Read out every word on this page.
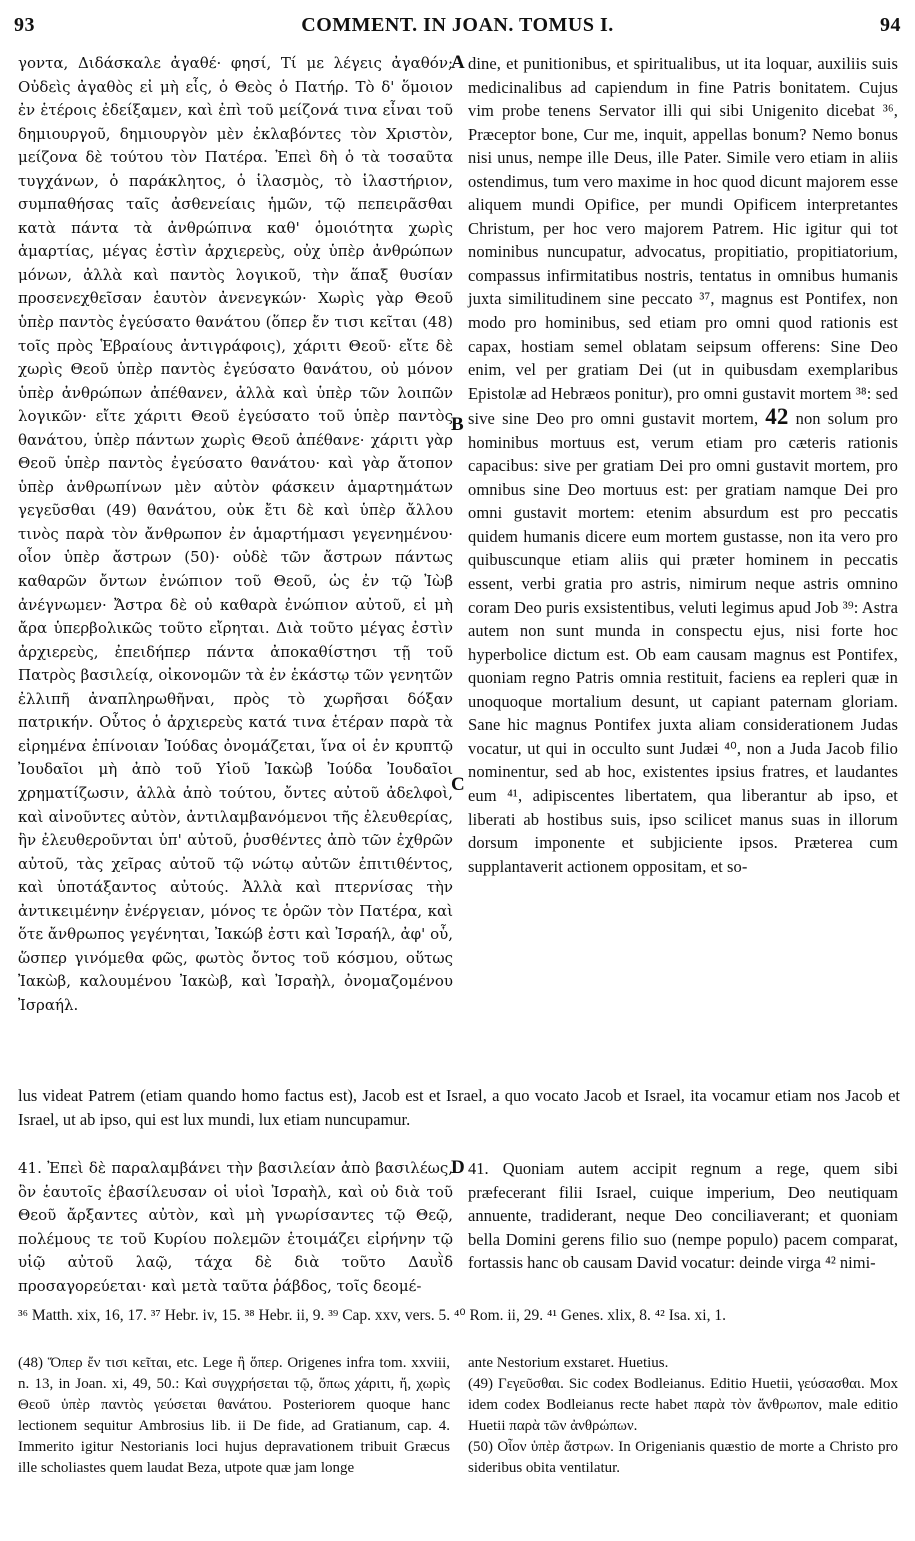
93	COMMENT. IN JOAN. TOMUS I.	94

γοντα, Διδάσκαλε ἀγαθέ· φησί, Τί με λέγεις ἀγαθόν; Οὐδεὶς ἀγαθὸς εἰ μὴ εἷς, ὁ Θεὸς ὁ Πατήρ. Τὸ δ' ὅμοιον ἐν ἑτέροις ἐδείξαμεν, καὶ ἐπὶ τοῦ μείζονά τινα εἶναι τοῦ δημιουργοῦ, δημιουργὸν μὲν ἐκλαβόντες τὸν Χριστὸν, μείζονα δὲ τούτου τὸν Πατέρα. Ἐπεὶ δὴ ὁ τὰ τοσαῦτα τυγχάνων, ὁ παράκλητος, ὁ ἱλασμὸς, τὸ ἱλαστήριον, συμπαθήσας ταῖς ἀσθενείαις ἡμῶν, τῷ πεπειρᾶσθαι κατὰ πάντα τὰ ἀνθρώπινα καθ' ὁμοιότητα χωρὶς ἁμαρτίας, μέγας ἐστὶν ἀρχιερεὺς, οὐχ ὑπὲρ ἀνθρώπων μόνων, ἀλλὰ καὶ παντὸς λογικοῦ, τὴν ἅπαξ θυσίαν προσενεχθεῖσαν ἑαυτὸν ἀνενεγκών· Χωρὶς γὰρ Θεοῦ ὑπὲρ παντὸς ἐγεύσατο θανάτου (ὅπερ ἔν τισι κεῖται (48) τοῖς πρὸς Ἑβραίους ἀντιγράφοις), χάριτι Θεοῦ· εἴτε δὲ χωρὶς Θεοῦ ὑπὲρ παντὸς ἐγεύσατο θανάτου, οὐ μόνον ὑπὲρ ἀνθρώπων ἀπέθανεν, ἀλλὰ καὶ ὑπὲρ τῶν λοιπῶν λογικῶν· εἴτε χάριτι Θεοῦ ἐγεύσατο τοῦ ὑπὲρ παντὸς θανάτου, ὑπὲρ πάντων χωρὶς Θεοῦ ἀπέθανε· χάριτι γὰρ Θεοῦ ὑπὲρ παντὸς ἐγεύσατο θανάτου· καὶ γὰρ ἄτοπον ὑπὲρ ἀνθρωπίνων μὲν αὐτὸν φάσκειν ἁμαρτημάτων γεγεῦσθαι (49) θανάτου, οὐκ ἔτι δὲ καὶ ὑπὲρ ἄλλου τινὸς παρὰ τὸν ἄνθρωπον ἐν ἁμαρτήμασι γεγενημένου· οἷον ὑπὲρ ἄστρων (50)· οὐδὲ τῶν ἄστρων πάντως καθαρῶν ὄντων ἐνώπιον τοῦ Θεοῦ, ὡς ἐν τῷ Ἰὼβ ἀνέγνωμεν· Ἄστρα δὲ οὐ καθαρὰ ἐνώπιον αὐτοῦ, εἰ μὴ ἄρα ὑπερβολικῶς τοῦτο εἴρηται. Διὰ τοῦτο μέγας ἐστὶν ἀρχιερεὺς, ἐπειδήπερ πάντα ἀποκαθίστησι τῇ τοῦ Πατρὸς βασιλείᾳ, οἰκονομῶν τὰ ἐν ἑκάστῳ τῶν γενητῶν ἐλλιπῆ ἀναπληρωθῆναι, πρὸς τὸ χωρῆσαι δόξαν πατρικήν. Οὗτος ὁ ἀρχιερεὺς κατά τινα ἑτέραν παρὰ τὰ εἰρημένα ἐπίνοιαν Ἰούδας ὀνομάζεται, ἵνα οἱ ἐν κρυπτῷ Ἰουδαῖοι μὴ ἀπὸ τοῦ Υἱοῦ Ἰακὼβ Ἰούδα Ἰουδαῖοι χρηματίζωσιν, ἀλλὰ ἀπὸ τούτου, ὄντες αὐτοῦ ἀδελφοὶ, καὶ αἰνοῦντες αὐτὸν, ἀντιλαμβανόμενοι τῆς ἐλευθερίας, ἣν ἐλευθεροῦνται ὑπ' αὐτοῦ, ῥυσθέντες ἀπὸ τῶν ἐχθρῶν αὐτοῦ, τὰς χεῖρας αὐτοῦ τῷ νώτῳ αὐτῶν ἐπιτιθέντος, καὶ ὑποτάξαντος αὐτούς. Ἀλλὰ καὶ πτερνίσας τὴν ἀντικειμένην ἐνέργειαν, μόνος τε ὁρῶν τὸν Πατέρα, καὶ ὅτε ἄνθρωπος γεγένηται, Ἰακώβ ἐστι καὶ Ἰσραήλ, ἀφ' οὗ, ὥσπερ γινόμεθα φῶς, φωτὸς ὄντος τοῦ κόσμου, οὕτως Ἰακὼβ, καλουμένου Ἰακὼβ, καὶ Ἰσραὴλ, ὀνομαζομένου Ἰσραήλ.

A
B
C
D

dine, et punitionibus, et spiritualibus, ut ita loquar, auxiliis suis medicinalibus ad capiendum in fine Patris bonitatem. Cujus vim probe tenens Servator illi qui sibi Unigenito dicebat ³⁶, Præceptor bone, Cur me, inquit, appellas bonum? Nemo bonus nisi unus, nempe ille Deus, ille Pater. Simile vero etiam in aliis ostendimus, tum vero maxime in hoc quod dicunt majorem esse aliquem mundi Opifice, per mundi Opificem interpretantes Christum, per hoc vero majorem Patrem. Hic igitur qui tot nominibus nuncupatur, advocatus, propitiatio, propitiatorium, compassus infirmitatibus nostris, tentatus in omnibus humanis juxta similitudinem sine peccato ³⁷, magnus est Pontifex, non modo pro hominibus, sed etiam pro omni quod rationis est capax, hostiam semel oblatam seipsum offerens: Sine Deo enim, vel per gratiam Dei (ut in quibusdam exemplaribus Epistolæ ad Hebræos ponitur), pro omni gustavit mortem ³⁸: sed sive sine Deo pro omni gustavit mortem, 42 non solum pro hominibus mortuus est, verum etiam pro cæteris rationis capacibus: sive per gratiam Dei pro omni gustavit mortem, pro omnibus sine Deo mortuus est: per gratiam namque Dei pro omni gustavit mortem: etenim absurdum est pro peccatis quidem humanis dicere eum mortem gustasse, non ita vero pro quibuscunque etiam aliis qui præter hominem in peccatis essent, verbi gratia pro astris, nimirum neque astris omnino coram Deo puris exsistentibus, veluti legimus apud Job ³⁹: Astra autem non sunt munda in conspectu ejus, nisi forte hoc hyperbolice dictum est. Ob eam causam magnus est Pontifex, quoniam regno Patris omnia restituit, faciens ea repleri quæ in unoquoque mortalium desunt, ut capiant paternam gloriam. Sane hic magnus Pontifex juxta aliam considerationem Judas vocatur, ut qui in occulto sunt Judæi ⁴⁰, non a Juda Jacob filio nominentur, sed ab hoc, existentes ipsius fratres, et laudantes eum ⁴¹, adipiscentes libertatem, qua liberantur ab ipso, et liberati ab hostibus suis, ipso scilicet manus suas in illorum dorsum imponente et subjiciente ipsos. Præterea cum supplantaverit actionem oppositam, et so-

lus videat Patrem (etiam quando homo factus est), Jacob est et Israel, a quo vocato Jacob et Israel, ita vocamur etiam nos Jacob et Israel, ut ab ipso, qui est lux mundi, lux etiam nuncupamur.
41. Ἐπεὶ δὲ παραλαμβάνει τὴν βασιλείαν ἀπὸ βασιλέως, ὃν ἑαυτοῖς ἐβασίλευσαν οἱ υἱοὶ Ἰσραὴλ, καὶ οὐ διὰ τοῦ Θεοῦ ἄρξαντες αὐτὸν, καὶ μὴ γνωρίσαντες τῷ Θεῷ, πολέμους τε τοῦ Κυρίου πολεμῶν ἑτοιμάζει εἰρήνην τῷ υἱῷ αὐτοῦ λαῷ, τάχα δὲ διὰ τοῦτο Δαυῒδ προσαγορεύεται· καὶ μετὰ ταῦτα ῥάβδος, τοῖς δεομέ-
41. Quoniam autem accipit regnum a rege, quem sibi præfecerant filii Israel, cuique imperium, Deo neutiquam annuente, tradiderant, neque Deo conciliaverant; et quoniam bella Domini gerens filio suo (nempe populo) pacem comparat, fortassis hanc ob causam David vocatur: deinde virga ⁴² nimi-

³⁶ Matth. xix, 16, 17. ³⁷ Hebr. iv, 15. ³⁸ Hebr. ii, 9. ³⁹ Cap. xxv, vers. 5. ⁴⁰ Rom. ii, 29. ⁴¹ Genes. xlix, 8. ⁴² Isa. xi, 1.

(48) Ὅπερ ἔν τισι κεῖται, etc. Lege ἢ ὅπερ. Origenes infra tom. xxviii, n. 13, in Joan. xi, 49, 50.: Καὶ συγχρήσεται τῷ, ὅπως χάριτι, ἤ, χωρὶς Θεοῦ ὑπὲρ παντὸς γεύσεται θανάτου. Posteriorem quoque hanc lectionem sequitur Ambrosius lib. ii De fide, ad Gratianum, cap. 4. Immerito igitur Nestorianis loci hujus depravationem tribuit Græcus ille scholiastes quem laudat Beza, utpote quæ jam longe

ante Nestorium exstaret. Huetius.

(49) Γεγεῦσθαι. Sic codex Bodleianus. Editio Huetii, γεύσασθαι. Mox idem codex Bodleianus recte habet παρὰ τὸν ἄνθρωπον, male editio Huetii παρὰ τῶν ἀνθρώπων.

(50) Οἷον ὑπὲρ ἄστρων. In Origenianis quæstio de morte a Christo pro sideribus obita ventilatur.
